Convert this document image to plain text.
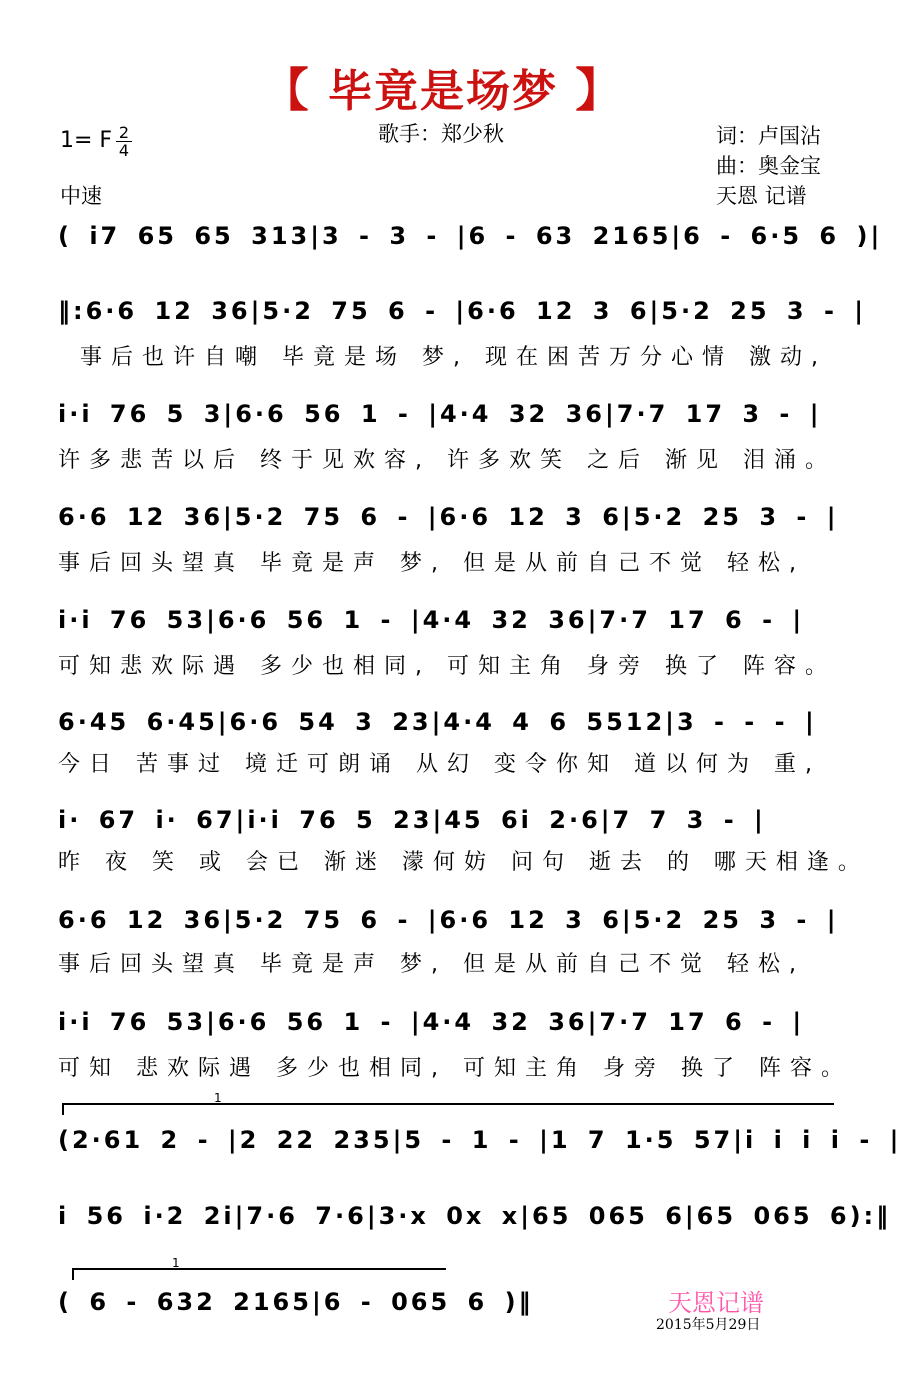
【 毕竟是场梦 】
歌手：郑少秋	词：卢国沾
曲：奥金宝
天恩 记谱
1= F $\frac{2}{4}$
中速
( i7 65 65 313|3 - 3 - |6 - 63 2165|6 - 6·5 6 )|
‖:6·6 12 36|5·2 75 6 - |6·6 12 3 6|5·2 25 3 - |
事后也许自嘲 毕竟是场 梦, 现在困苦万分心情 激动,
i·i 76 5 3|6·6 56 1 - |4·4 32 36|7·7 17 3 - |
许多悲苦以后 终于见欢容, 许多欢笑 之后 渐见 泪涌。
6·6 12 36|5·2 75 6 - |6·6 12 3 6|5·2 25 3 - |
事后回头望真 毕竟是声 梦, 但是从前自己不觉 轻松,
i·i 76 53|6·6 56 1 - |4·4 32 36|7·7 17 6 - |
可知悲欢际遇 多少也相同, 可知主角 身旁 换了 阵容。
6·45 6·45|6·6 54 3 23|4·4 4 6 5512|3 - - - |
今日 苦事过 境迁可朗诵 从幻 变令你知 道以何为 重,
i· 67 i· 67|i·i 76 5 23|45 6i 2·6|7 7 3 - |
昨 夜 笑 或 会已 渐迷 濛何妨 问句 逝去 的 哪天相逢。
6·6 12 36|5·2 75 6 - |6·6 12 3 6|5·2 25 3 - |
事后回头望真 毕竟是声 梦, 但是从前自己不觉 轻松,
i·i 76 53|6·6 56 1 - |4·4 32 36|7·7 17 6 - |
可知 悲欢际遇 多少也相同, 可知主角 身旁 换了 阵容。
1
(2·61 2 - |2 22 235|5 - 1 - |1 7 1·5 57|i i i i - |
i 56 i·2 2i|7·6 7·6|3·x 0x x|65 065 6|65 065 6):‖
1
( 6 - 632 2165|6 - 065 6 )‖	天恩记谱
2015年5月29日
